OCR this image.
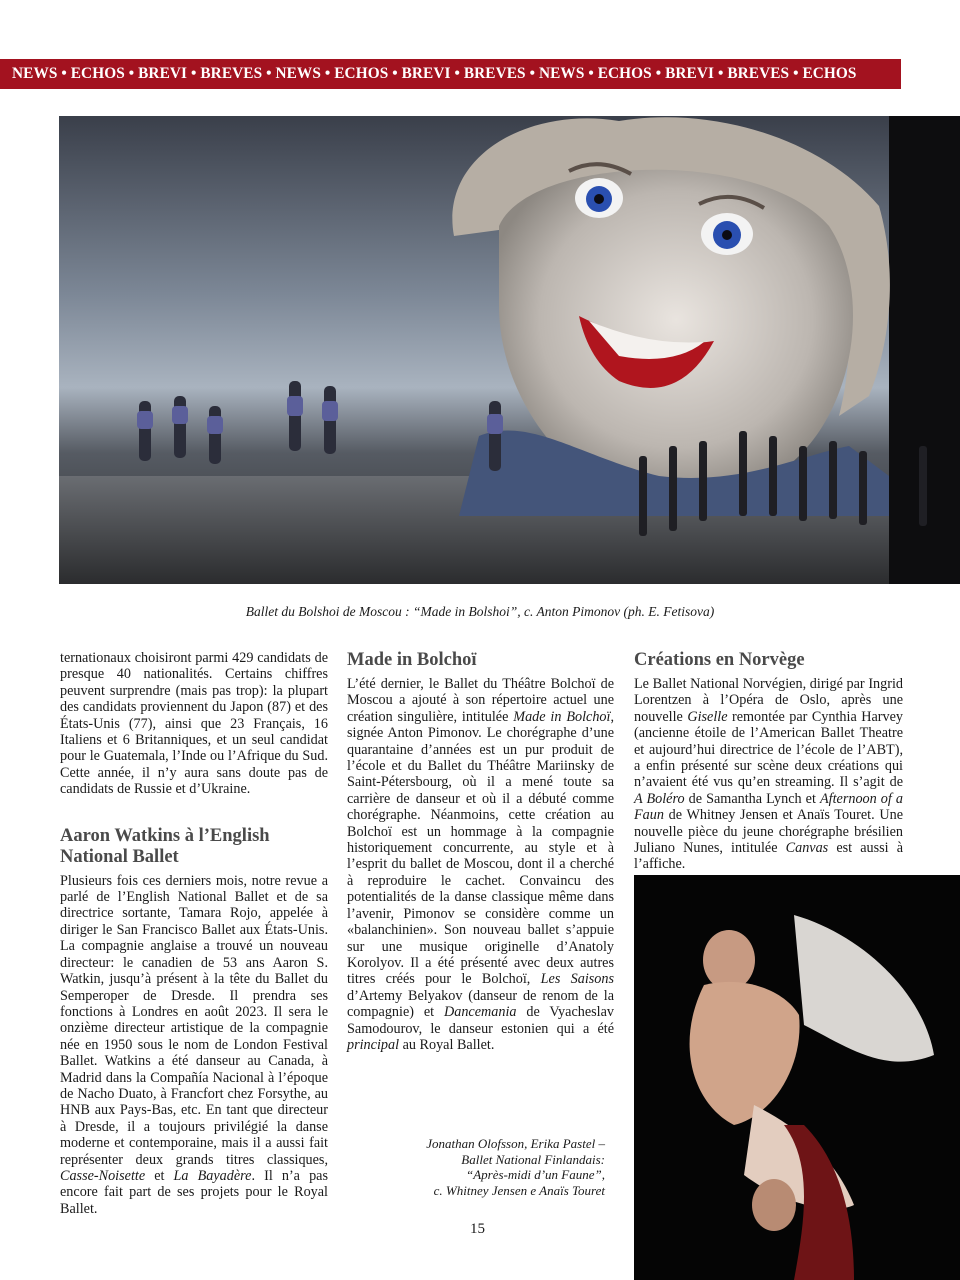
NEWS • ECHOS • BREVI • BREVES • NEWS • ECHOS • BREVI • BREVES • NEWS • ECHOS • BREVI • BREVES • ECHOS
Ballet du Bolshoi de Moscou : “Made in Bolshoi”, c. Anton Pimonov (ph. E. Fetisova)

ternationaux choisiront parmi 429 candidats de presque 40 nationalités. Certains chiffres peuvent surprendre (mais pas trop): la plupart des candidats proviennent du Japon (87) et des États-Unis (77), ainsi que 23 Français, 16 Italiens et 6 Britanniques, et un seul candidat pour le Guatemala, l’Inde ou l’Afrique du Sud. Cette année, il n’y aura sans doute pas de candidats de Russie et d’Ukraine.

Aaron Watkins à l’English National Ballet

Plusieurs fois ces derniers mois, notre revue a parlé de l’English National Ballet et de sa directrice sortante, Tamara Rojo, appelée à diriger le San Francisco Ballet aux États-Unis. La compagnie anglaise a trouvé un nouveau directeur: le canadien de 53 ans Aaron S. Watkin, jusqu’à présent à la tête du Ballet du Semperoper de Dresde. Il prendra ses fonctions à Londres en août 2023. Il sera le onzième directeur artistique de la compagnie née en 1950 sous le nom de London Festival Ballet. Watkins a été danseur au Canada, à Madrid dans la Compañía Nacional à l’époque de Nacho Duato, à Francfort chez Forsythe, au HNB aux Pays-Bas, etc. En tant que directeur à Dresde, il a toujours privilégié la danse moderne et contemporaine, mais il a aussi fait représenter deux grands titres classiques, Casse-Noisette et La Bayadère. Il n’a pas encore fait part de ses projets pour le Royal Ballet.

Made in Bolchoï

L’été dernier, le Ballet du Théâtre Bolchoï de Moscou a ajouté à son répertoire actuel une création singulière, intitulée Made in Bolchoï, signée Anton Pimonov. Le chorégraphe d’une quarantaine d’années est un pur produit de l’école et du Ballet du Théâtre Mariinsky de Saint-Pétersbourg, où il a mené toute sa carrière de danseur et où il a débuté comme chorégraphe. Néanmoins, cette création au Bolchoï est un hommage à la compagnie historiquement concurrente, au style et à l’esprit du ballet de Moscou, dont il a cherché à reproduire le cachet. Convaincu des potentialités de la danse classique même dans l’avenir, Pimonov se considère comme un «balanchinien». Son nouveau ballet s’appuie sur une musique originelle d’Anatoly Korolyov. Il a été présenté avec deux autres titres créés pour le Bolchoï, Les Saisons d’Artemy Belyakov (danseur de renom de la compagnie) et Dancemania de Vyacheslav Samodourov, le danseur estonien qui a été principal au Royal Ballet.

Créations en Norvège

Le Ballet National Norvégien, dirigé par Ingrid Lorentzen à l’Opéra de Oslo, après une nouvelle Giselle remontée par Cynthia Harvey (ancienne étoile de l’American Ballet Theatre et aujourd’hui directrice de l’école de l’ABT), a enfin présenté sur scène deux créations qui n’avaient été vus qu’en streaming. Il s’agit de A Boléro de Samantha Lynch et Afternoon of a Faun de Whitney Jensen et Anaïs Touret. Une nouvelle pièce du jeune chorégraphe brésilien Juliano Nunes, intitulée Canvas est aussi à l’affiche.

Jonathan Olofsson, Erika Pastel –
Ballet National Finlandais:
“Après-midi d’un Faune”,
c. Whitney Jensen e Anaïs Touret
15
